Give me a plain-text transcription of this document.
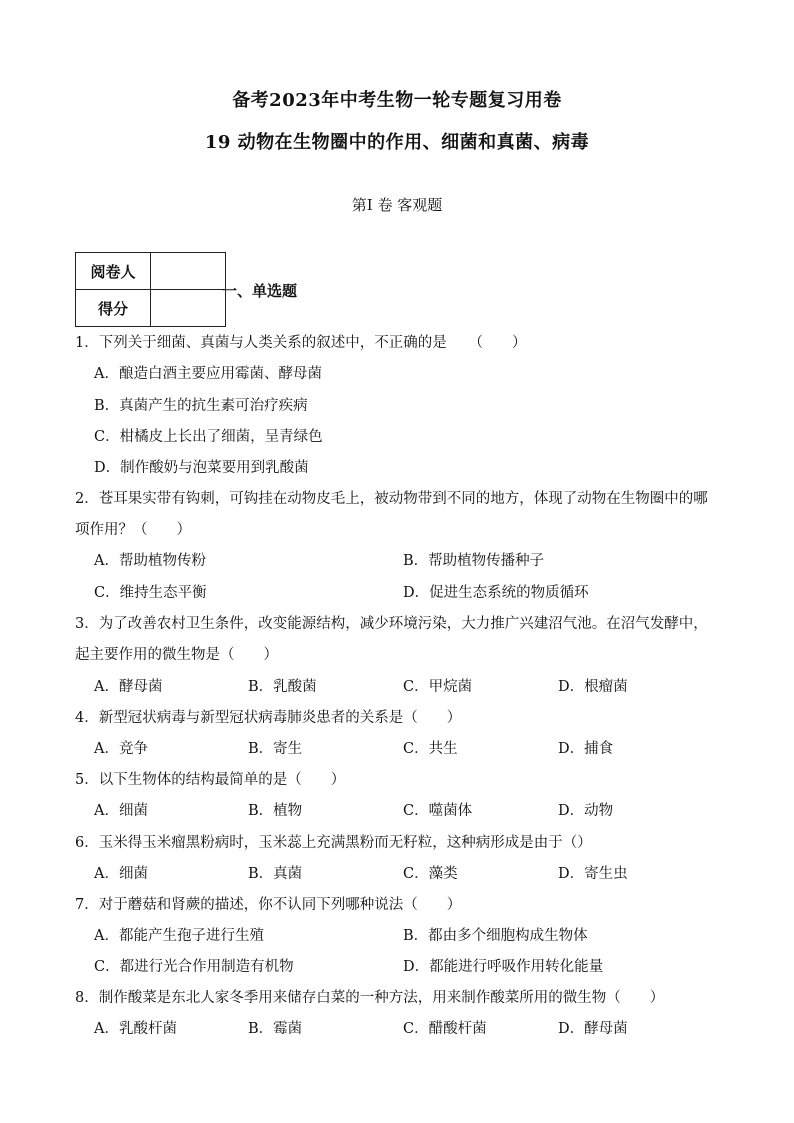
备考2023年中考生物一轮专题复习用卷
19 动物在生物圈中的作用、细菌和真菌、病毒
第Ⅰ 卷 客观题
阅卷人	
得分	
一、单选题
1．下列关于细菌、真菌与人类关系的叙述中，不正确的是　　（　　）
A．酿造白酒主要应用霉菌、酵母菌
B．真菌产生的抗生素可治疗疾病
C．柑橘皮上长出了细菌，呈青绿色
D．制作酸奶与泡菜要用到乳酸菌
2．苍耳果实带有钩刺，可钩挂在动物皮毛上，被动物带到不同的地方，体现了动物在生物圈中的哪
项作用？（　　）
A．帮助植物传粉	B．帮助植物传播种子
C．维持生态平衡	D．促进生态系统的物质循环
3．为了改善农村卫生条件，改变能源结构，减少环境污染，大力推广兴建沼气池。在沼气发酵中，
起主要作用的微生物是（　　）
A．酵母菌	B．乳酸菌	C．甲烷菌	D．根瘤菌
4．新型冠状病毒与新型冠状病毒肺炎患者的关系是（　　）
A．竞争	B．寄生	C．共生	D．捕食
5．以下生物体的结构最简单的是（　　）
A．细菌	B．植物	C．噬菌体	D．动物
6．玉米得玉米瘤黑粉病时，玉米蕊上充满黑粉而无籽粒，这种病形成是由于（）
A．细菌	B．真菌	C．藻类	D．寄生虫
7．对于蘑菇和肾蕨的描述，你不认同下列哪种说法（　　）
A．都能产生孢子进行生殖	B．都由多个细胞构成生物体
C．都进行光合作用制造有机物	D．都能进行呼吸作用转化能量
8．制作酸菜是东北人家冬季用来储存白菜的一种方法，用来制作酸菜所用的微生物（　　）
A．乳酸杆菌	B．霉菌	C．醋酸杆菌	D．酵母菌
